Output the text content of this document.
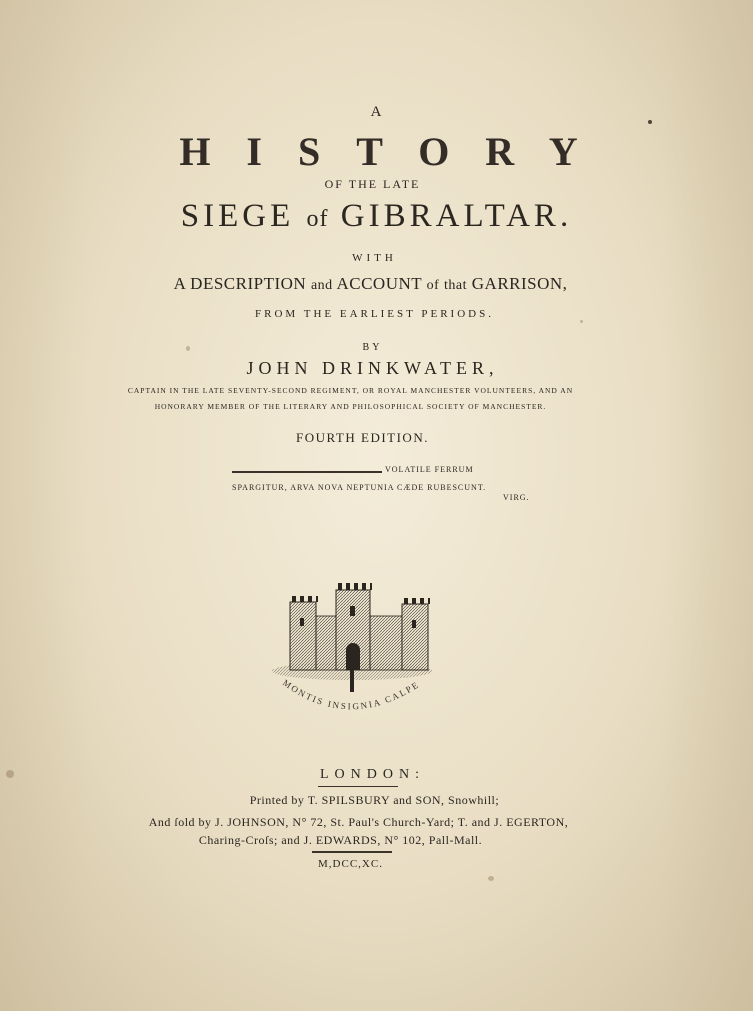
A
HISTORY
OF THE LATE
SIEGE of GIBRALTAR.
WITH
A DESCRIPTION and ACCOUNT of that GARRISON,
FROM THE EARLIEST PERIODS.
BY
JOHN DRINKWATER,
CAPTAIN IN THE LATE SEVENTY-SECOND REGIMENT, OR ROYAL MANCHESTER VOLUNTEERS, AND AN
HONORARY MEMBER OF THE LITERARY AND PHILOSOPHICAL SOCIETY OF MANCHESTER.
FOURTH EDITION.
VOLATILE FERRUM
SPARGITUR, ARVA NOVA NEPTUNIA CÆDE RUBESCUNT.
VIRG.
MONTIS INSIGNIA CALPE
LONDON:
Printed by T. SPILSBURY and SON, Snowhill;
And ſold by J. JOHNSON, N° 72, St. Paul's Church-Yard; T. and J. EGERTON,
Charing-Croſs; and J. EDWARDS, N° 102, Pall-Mall.
M,DCC,XC.
